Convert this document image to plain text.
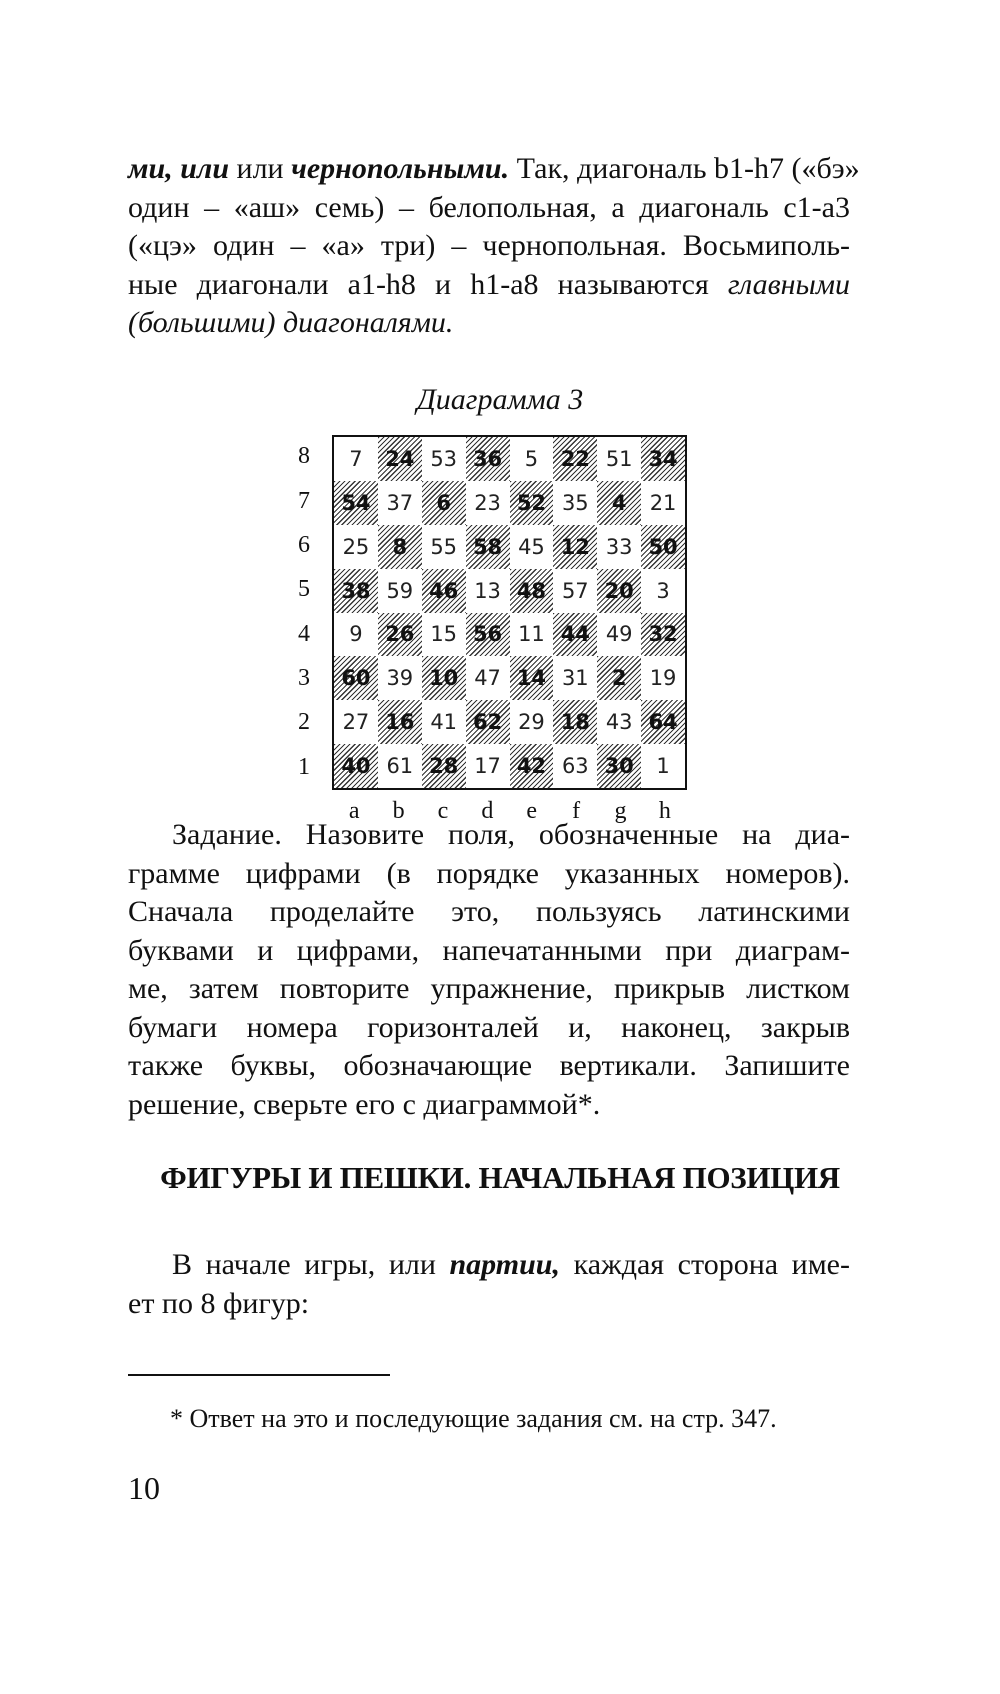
ми, или или чернопольными. Так, диагональ b1-h7 («бэ»
один – «аш» семь) – белопольная, а диагональ c1-a3
(«цэ» один – «а» три) – чернопольная. Восьмиполь-
ные диагонали a1-h8 и h1-a8 называются главными
(большими) диагоналями.

Диаграмма 3

8
7
6
5
4
3
2
1
7 24 53 36 5 22 51 34
54 37 6 23 52 35 4 21
25 8 55 58 45 12 33 50
38 59 46 13 48 57 20 3
9 26 15 56 11 44 49 32
60 39 10 47 14 31 2 19
27 16 41 62 29 18 43 64
40 61 28 17 42 63 30 1
a	b	c	d	e	f	g	h
Задание. Назовите поля, обозначенные на диа-
грамме цифрами (в порядке указанных номеров).
Сначала проделайте это, пользуясь латинскими
буквами и цифрами, напечатанными при диаграм-
ме, затем повторите упражнение, прикрыв листком
бумаги номера горизонталей и, наконец, закрыв
также буквы, обозначающие вертикали. Запишите
решение, сверьте его с диаграммой*.
ФИГУРЫ И ПЕШКИ. НАЧАЛЬНАЯ ПОЗИЦИЯ
В начале игры, или партии, каждая сторона име-
ет по 8 фигур:

* Ответ на это и последующие задания см. на стр. 347.

10
